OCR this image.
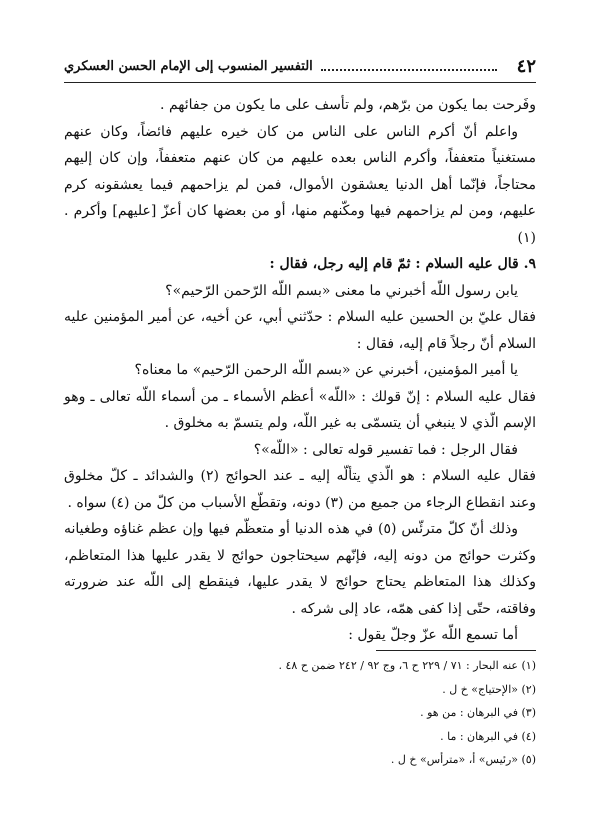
٤٢
التفسير المنسوب إلى الإمام الحسن العسكري

وفَرحت بما يكون من برّهم، ولم تأسف على ما يكون من جفائهم .

واعلم أنّ أكرم الناس على الناس من كان خيره عليهم فائضاً، وكان عنهم مستغنياً متعففاً، وأكرم الناس بعده عليهم من كان عنهم متعففاً، وإن كان إليهم محتاجاً، فإنّما أهل الدنيا يعشقون الأموال، فمن لم يزاحمهم فيما يعشقونه كرم عليهم، ومن لم يزاحمهم فيها ومكّنهم منها، أو من بعضها كان أعزّ [عليهم] وأكرم . (١)

٩. قال عليه السلام : ثمّ قام إليه رجل، فقال :

يابن رسول اللّه أخبرني ما معنى «بسم اللّه الرّحمن الرّحيم»؟

فقال عليّ بن الحسين عليه السلام : حدّثني أبي، عن أخيه، عن أمير المؤمنين عليه السلام أنّ رجلاً قام إليه، فقال :

يا أمير المؤمنين، أخبرني عن «بسم اللّه الرحمن الرّحيم» ما معناه؟

فقال عليه السلام : إنّ قولك : «اللّه» أعظم الأسماء ـ من أسماء اللّه تعالى ـ وهو الإسم الّذي لا ينبغي أن يتسمّى به غير اللّه، ولم يتسمّ به مخلوق .

فقال الرجل : فما تفسير قوله تعالى : «اللّه»؟

فقال عليه السلام : هو الّذي يتألّه إليه ـ عند الحوائج (٢) والشدائد ـ كلّ مخلوق وعند انقطاع الرجاء من جميع من (٣) دونه، وتقطّع الأسباب من كلّ من (٤) سواه .

وذلك أنّ كلّ مترئّس (٥) في هذه الدنيا أو متعظّم فيها وإن عظم غناؤه وطغيانه وكثرت حوائج من دونه إليه، فإنّهم سيحتاجون حوائج لا يقدر عليها هذا المتعاظم، وكذلك هذا المتعاظم يحتاج حوائج لا يقدر عليها، فينقطع إلى اللّه عند ضرورته وفاقته، حتّى إذا كفى همّه، عاد إلى شركه .

أما تسمع اللّه عزّ وجلّ يقول :

(١) عنه البحار : ٧١ / ٢٢٩ ح ٦، وج ٩٢ / ٢٤٢ ضمن ح ٤٨ .
(٢) «الإحتياج» خ ل .
(٣) في البرهان : من هو .
(٤) في البرهان : ما .
(٥) «رئيس» أ، «مترأس» خ ل .
